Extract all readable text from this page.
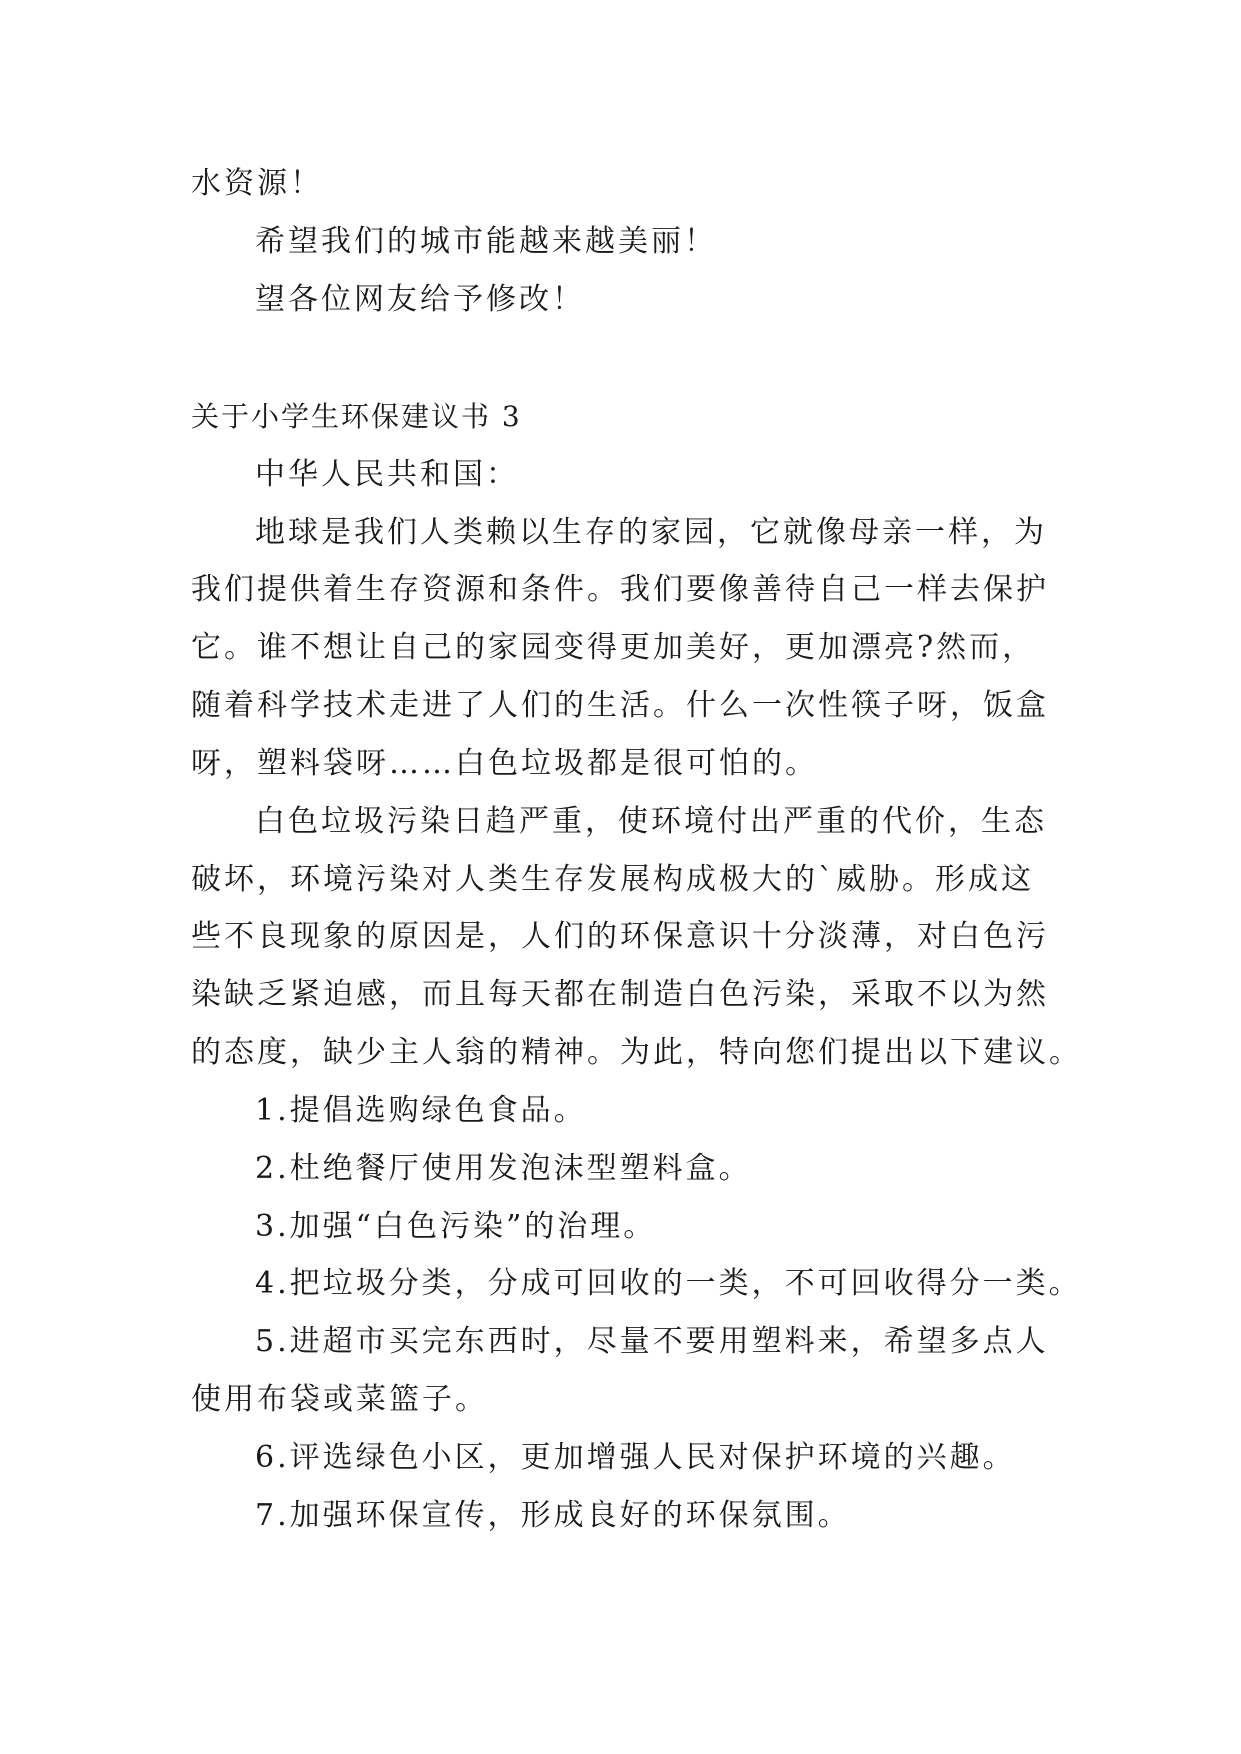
水资源！
希望我们的城市能越来越美丽！
望各位网友给予修改！
关于小学生环保建议书 3
中华人民共和国：
地球是我们人类赖以生存的家园，它就像母亲一样，为
我们提供着生存资源和条件。我们要像善待自己一样去保护
它。谁不想让自己的家园变得更加美好，更加漂亮?然而，
随着科学技术走进了人们的生活。什么一次性筷子呀，饭盒
呀，塑料袋呀……白色垃圾都是很可怕的。
白色垃圾污染日趋严重，使环境付出严重的代价，生态
破坏，环境污染对人类生存发展构成极大的`威胁。形成这
些不良现象的原因是，人们的环保意识十分淡薄，对白色污
染缺乏紧迫感，而且每天都在制造白色污染，采取不以为然
的态度，缺少主人翁的精神。为此，特向您们提出以下建议。
1.提倡选购绿色食品。
2.杜绝餐厅使用发泡沫型塑料盒。
3.加强“白色污染”的治理。
4.把垃圾分类，分成可回收的一类，不可回收得分一类。
5.进超市买完东西时，尽量不要用塑料来，希望多点人
使用布袋或菜篮子。
6.评选绿色小区，更加增强人民对保护环境的兴趣。
7.加强环保宣传，形成良好的环保氛围。
